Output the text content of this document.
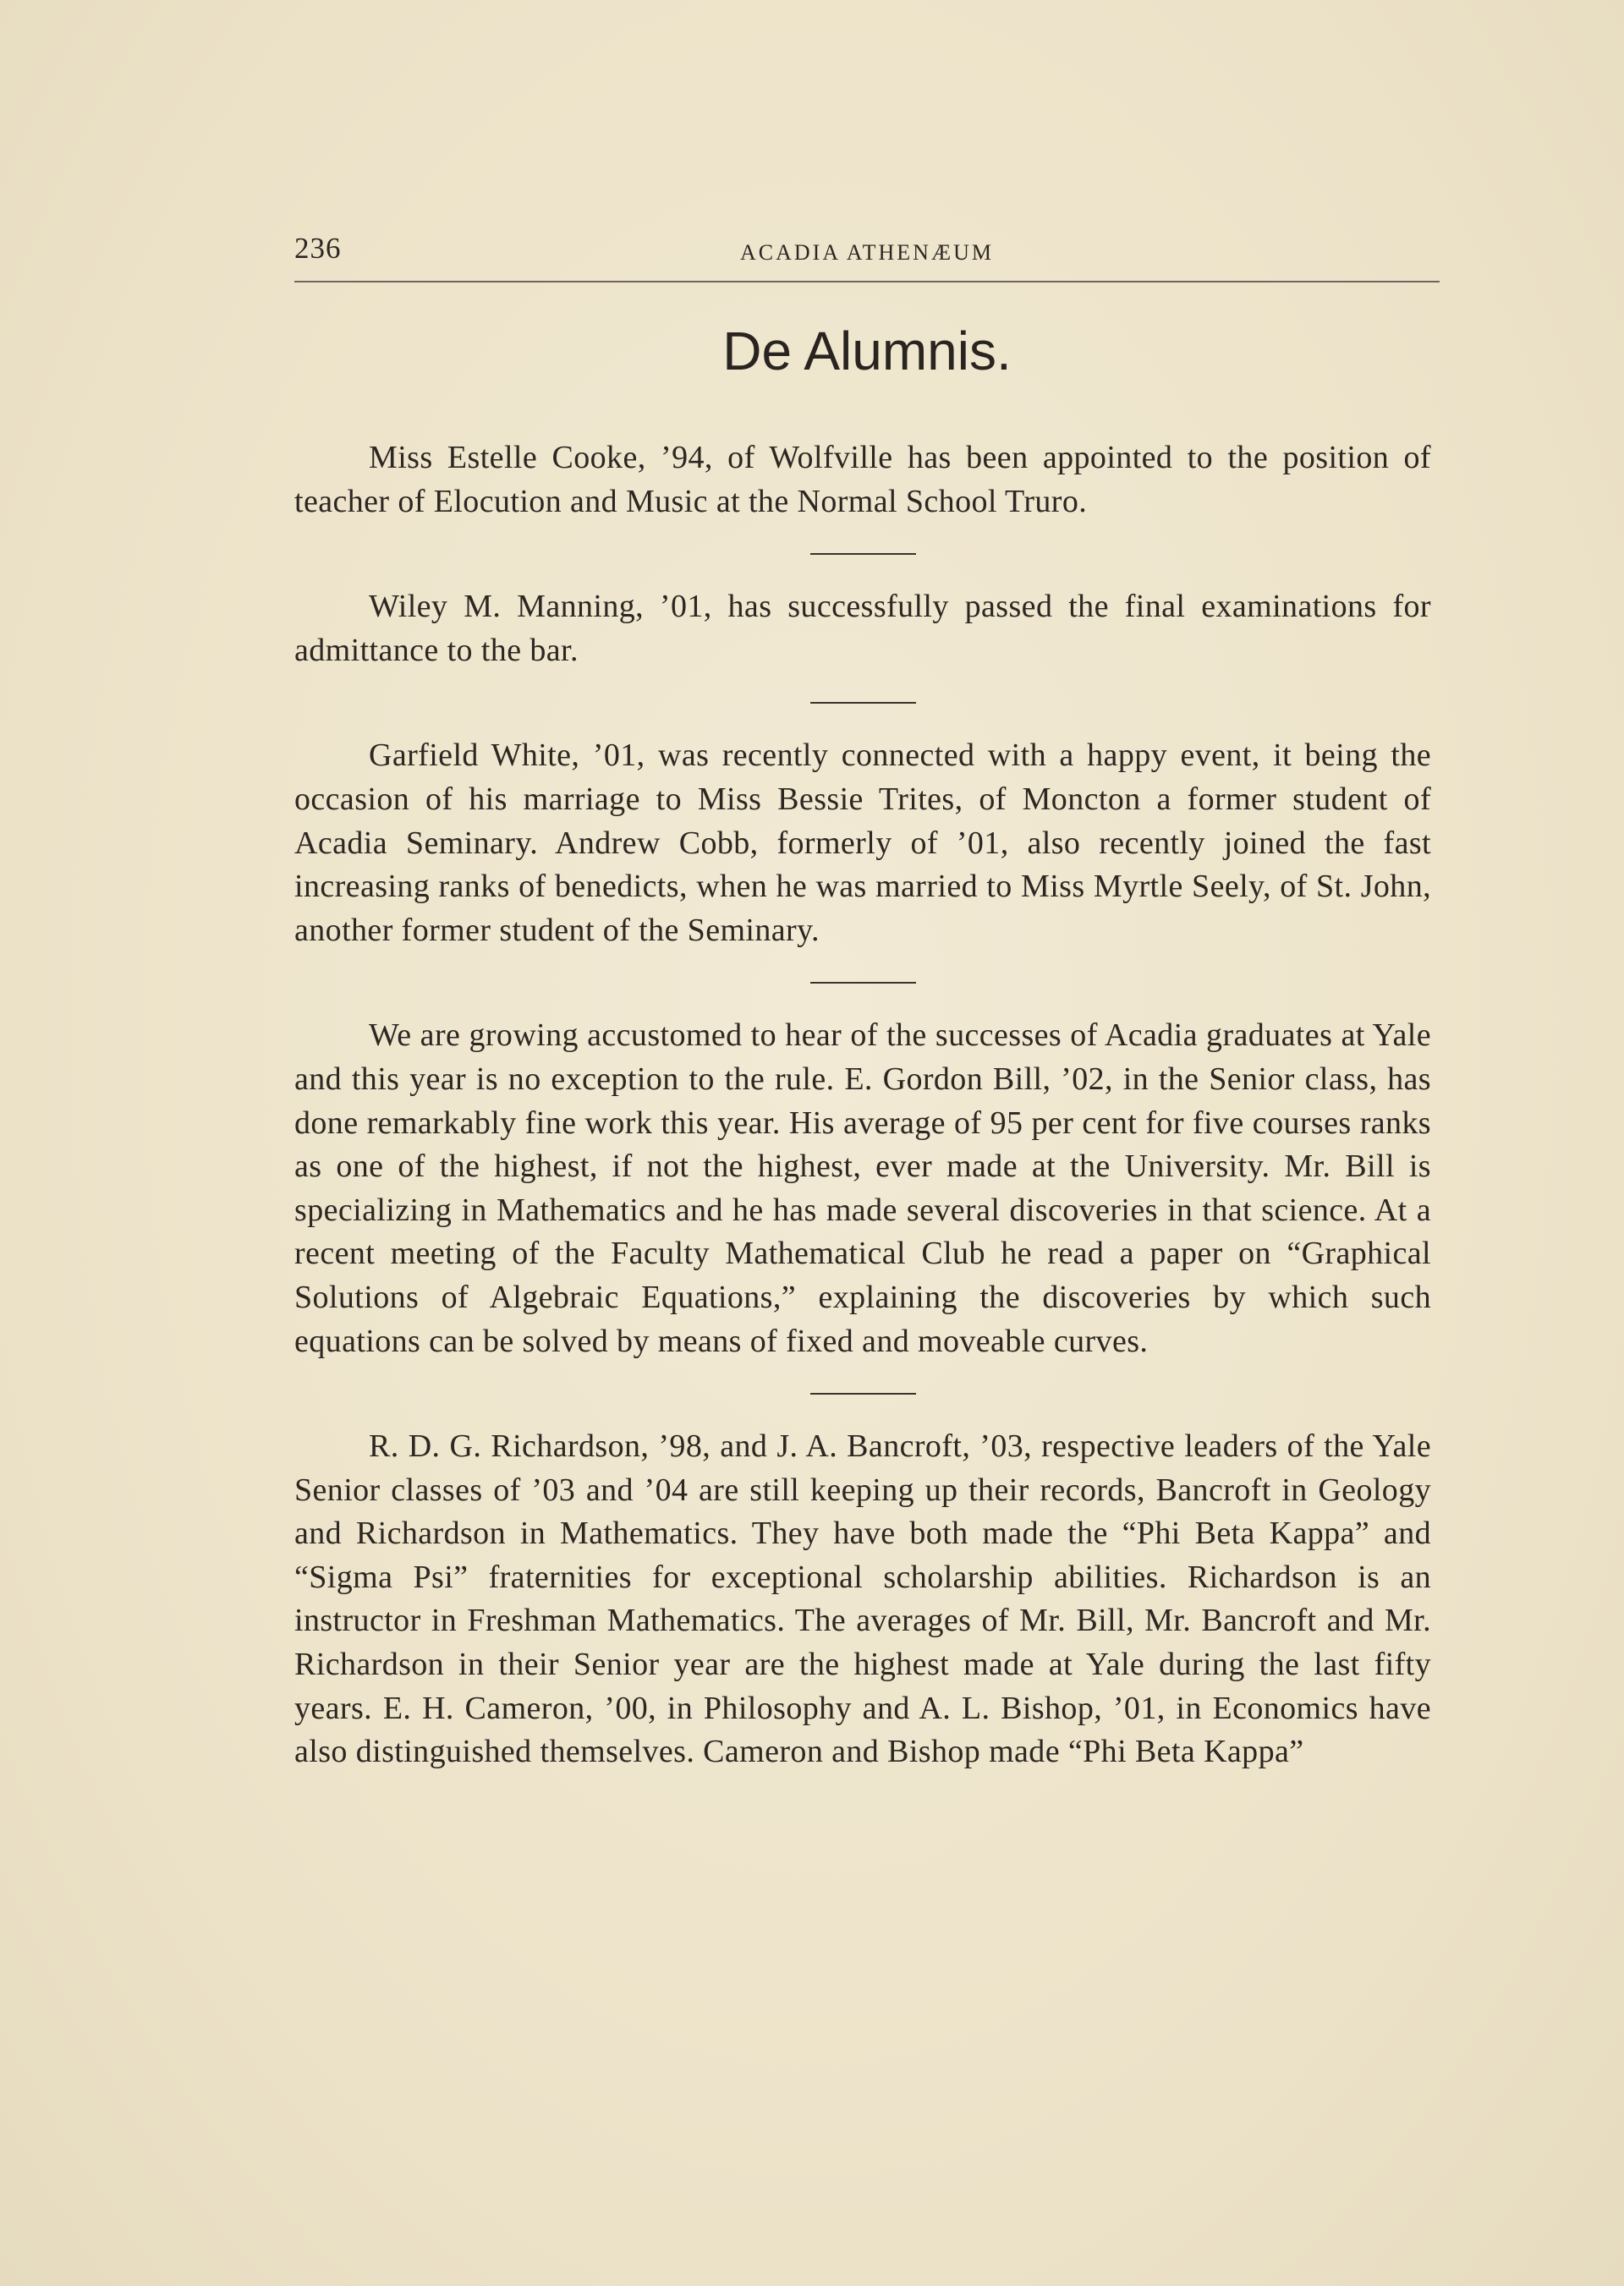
236	ACADIA ATHENÆUM
De Alumnis.

Miss Estelle Cooke, ’94, of Wolfville has been appointed to the position of teacher of Elocution and Music at the Normal School Truro.

Wiley M. Manning, ’01, has successfully passed the final examinations for admittance to the bar.

Garfield White, ’01, was recently connected with a happy event, it being the occasion of his marriage to Miss Bessie Trites, of Moncton a former student of Acadia Seminary. Andrew Cobb, formerly of ’01, also recently joined the fast increasing ranks of benedicts, when he was married to Miss Myrtle Seely, of St. John, another former student of the Seminary.

We are growing accustomed to hear of the successes of Acadia graduates at Yale and this year is no exception to the rule. E. Gordon Bill, ’02, in the Senior class, has done remarkably fine work this year. His average of 95 per cent for five courses ranks as one of the highest, if not the highest, ever made at the University. Mr. Bill is specializing in Mathematics and he has made several discoveries in that science. At a recent meeting of the Faculty Mathematical Club he read a paper on “Graphical Solutions of Algebraic Equations,” explaining the discoveries by which such equations can be solved by means of fixed and moveable curves.

R. D. G. Richardson, ’98, and J. A. Bancroft, ’03, respective leaders of the Yale Senior classes of ’03 and ’04 are still keeping up their records, Bancroft in Geology and Richardson in Mathematics. They have both made the “Phi Beta Kappa” and “Sigma Psi” fraternities for exceptional scholarship abilities. Richardson is an instructor in Freshman Mathematics. The averages of Mr. Bill, Mr. Bancroft and Mr. Richardson in their Senior year are the highest made at Yale during the last fifty years. E. H. Cameron, ’00, in Philosophy and A. L. Bishop, ’01, in Economics have also distinguished themselves. Cameron and Bishop made “Phi Beta Kappa”
